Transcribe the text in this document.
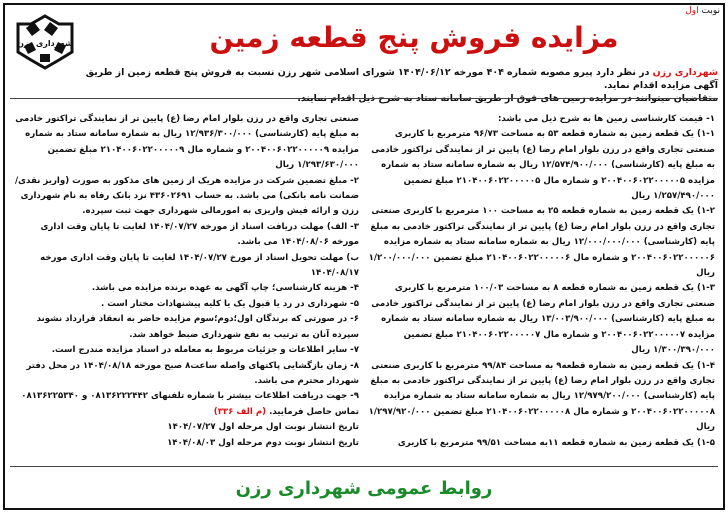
نوبت اول
شهرداری رزن	مزایده فروش پنج قطعه زمین
شهرداری رزن در نظر دارد پیرو مصوبه شماره ۴۰۴ مورخه ۱۴۰۴/۰۶/۱۲ شورای اسلامی شهر رزن نسبت به فروش پنج قطعه زمین از طریق آگهی مزایده اقدام نماید.
متقاضیان میتوانند در مزایده زمین های فوق از طریق سامانه ستاد به شرح ذیل اقدام نمایند.

۱- قیمت کارشناسی زمین ها به شرح ذیل می باشد:

۱-۱) یک قطعه زمین به شماره قطعه ۵۳ به مساحت ۹۶/۷۳ مترمربع با کاربری صنعتی تجاری واقع در رزن بلوار امام رضا (ع) پایین تر از نمایندگی تراکتور خادمی به مبلغ پایه (کارشناسی) ۱۲/۵۷۴/۹۰۰/۰۰۰ ریال به شماره سامانه ستاد به شماره مزایده ۲۰۰۴۰۰۶۰۲۲۰۰۰۰۰۵ و شماره مال ۲۱۰۴۰۰۶۰۲۲۰۰۰۰۰۵ مبلغ تضمین ۱/۲۵۷/۴۹۰/۰۰۰ ریال

۱-۲) یک قطعه زمین به شماره قطعه ۲۵ به مساحت ۱۰۰ مترمربع با کاربری صنعتی تجاری واقع در رزن بلوار امام رضا (ع) پایین تر از نمایندگی تراکتور خادمی به مبلغ پایه (کارشناسی) ۱۲/۰۰۰/۰۰۰/۰۰۰ ریال به شماره سامانه ستاد به شماره مزایده ۲۰۰۴۰۰۶۰۲۲۰۰۰۰۰۶ و شماره مال ۲۱۰۴۰۰۶۰۲۲۰۰۰۰۰۶ مبلغ تضمین ۱/۲۰۰/۰۰۰/۰۰۰ ریال

۱-۳) یک قطعه زمین به شماره قطعه ۸ به مساحت ۱۰۰/۰۳ مترمربع با کاربری صنعتی تجاری واقع در رزن بلوار امام رضا (ع) پایین تر از نمایندگی تراکتور خادمی به مبلغ پایه (کارشناسی) ۱۳/۰۰۳/۹۰۰/۰۰۰ ریال به شماره سامانه ستاد به شماره مزایده ۲۰۰۴۰۰۶۰۲۲۰۰۰۰۰۷ و شماره مال ۲۱۰۴۰۰۶۰۲۲۰۰۰۰۰۷ مبلغ تضمین ۱/۳۰۰/۳۹۰/۰۰۰ ریال

۱-۴) یک قطعه زمین به شماره قطعه۹ به مساحت ۹۹/۸۴ مترمربع با کاربری صنعتی تجاری واقع در رزن بلوار امام رضا (ع) پایین تر از نمایندگی تراکتور خادمی به مبلغ پایه (کارشناسی) ۱۲/۹۷۹/۲۰۰/۰۰۰ ریال به شماره سامانه ستاد به شماره مزایده ۲۰۰۴۰۰۶۰۲۲۰۰۰۰۰۸ و شماره مال ۲۱۰۴۰۰۶۰۲۲۰۰۰۰۰۸ مبلغ تضمین ۱/۲۹۷/۹۲۰/۰۰۰ ریال

۱-۵) یک قطعه زمین به شماره قطعه ۱۱به مساحت ۹۹/۵۱ مترمربع با کاربری

صنعتی تجاری واقع در رزن بلوار امام رضا (ع) پایین تر از نمایندگی تراکتور خادمی به مبلغ پایه (کارشناسی) ۱۲/۹۳۶/۳۰۰/۰۰۰ ریال به شماره سامانه ستاد به شماره مزایده ۲۰۰۴۰۰۶۰۲۲۰۰۰۰۰۹ و شماره مال ۲۱۰۴۰۰۶۰۲۲۰۰۰۰۰۹ مبلغ تضمین ۱/۲۹۳/۶۳۰/۰۰۰ ریال

۲- مبلغ تضمین شرکت در مزایده هریک از زمین های مذکور به صورت (واریز نقدی/ضمانت نامه بانکی) می باشد. به حساب ۴۳۶۰۲۶۹۱ نزد بانک رفاه به نام شهرداری رزن و ارائه فیش واریزی به امورمالی شهرداری جهت ثبت سپرده.

۳- الف) مهلت دریافت اسناد از مورخه ۱۴۰۴/۰۷/۲۷ لغایت تا پایان وقت اداری مورخه ۱۴۰۴/۰۸/۰۶ می باشد.

ب) مهلت تحویل اسناد از مورخ ۱۴۰۴/۰۷/۲۷ لغایت تا پایان وقت اداری مورخه ۱۴۰۴/۰۸/۱۷

۴- هزینه کارشناسی؛ چاپ آگهی به عهده برنده مزایده می باشد.

۵- شهرداری در رد یا قبول یک یا کلیه پیشنهادات مختار است .

۶- در صورتی که برندگان اول؛دوم؛سوم مزایده حاضر به انعقاد قرارداد نشوند سپرده آنان به ترتیب به نفع شهرداری ضبط خواهد شد.

۷- سایر اطلاعات و جزئیات مربوط به معامله در اسناد مزایده مندرج است.

۸- زمان بازگشایی پاکتهای واصله ساعت۸ صبح مورخه ۱۴۰۴/۰۸/۱۸ در محل دفتر شهردار محترم می باشد.

۹- جهت دریافت اطلاعات بیشتر با شماره تلفنهای ۰۸۱۳۶۲۲۲۴۴۲ و ۰۸۱۳۶۲۲۵۳۴۰ تماس حاصل فرمایید. (م الف ۳۳۶)

تاریخ انتشار نوبت اول مرحله اول ۱۴۰۴/۰۷/۲۷

تاریخ انتشار نوبت دوم مرحله اول ۱۴۰۴/۰۸/۰۳

روابط عمومی شهرداری رزن
